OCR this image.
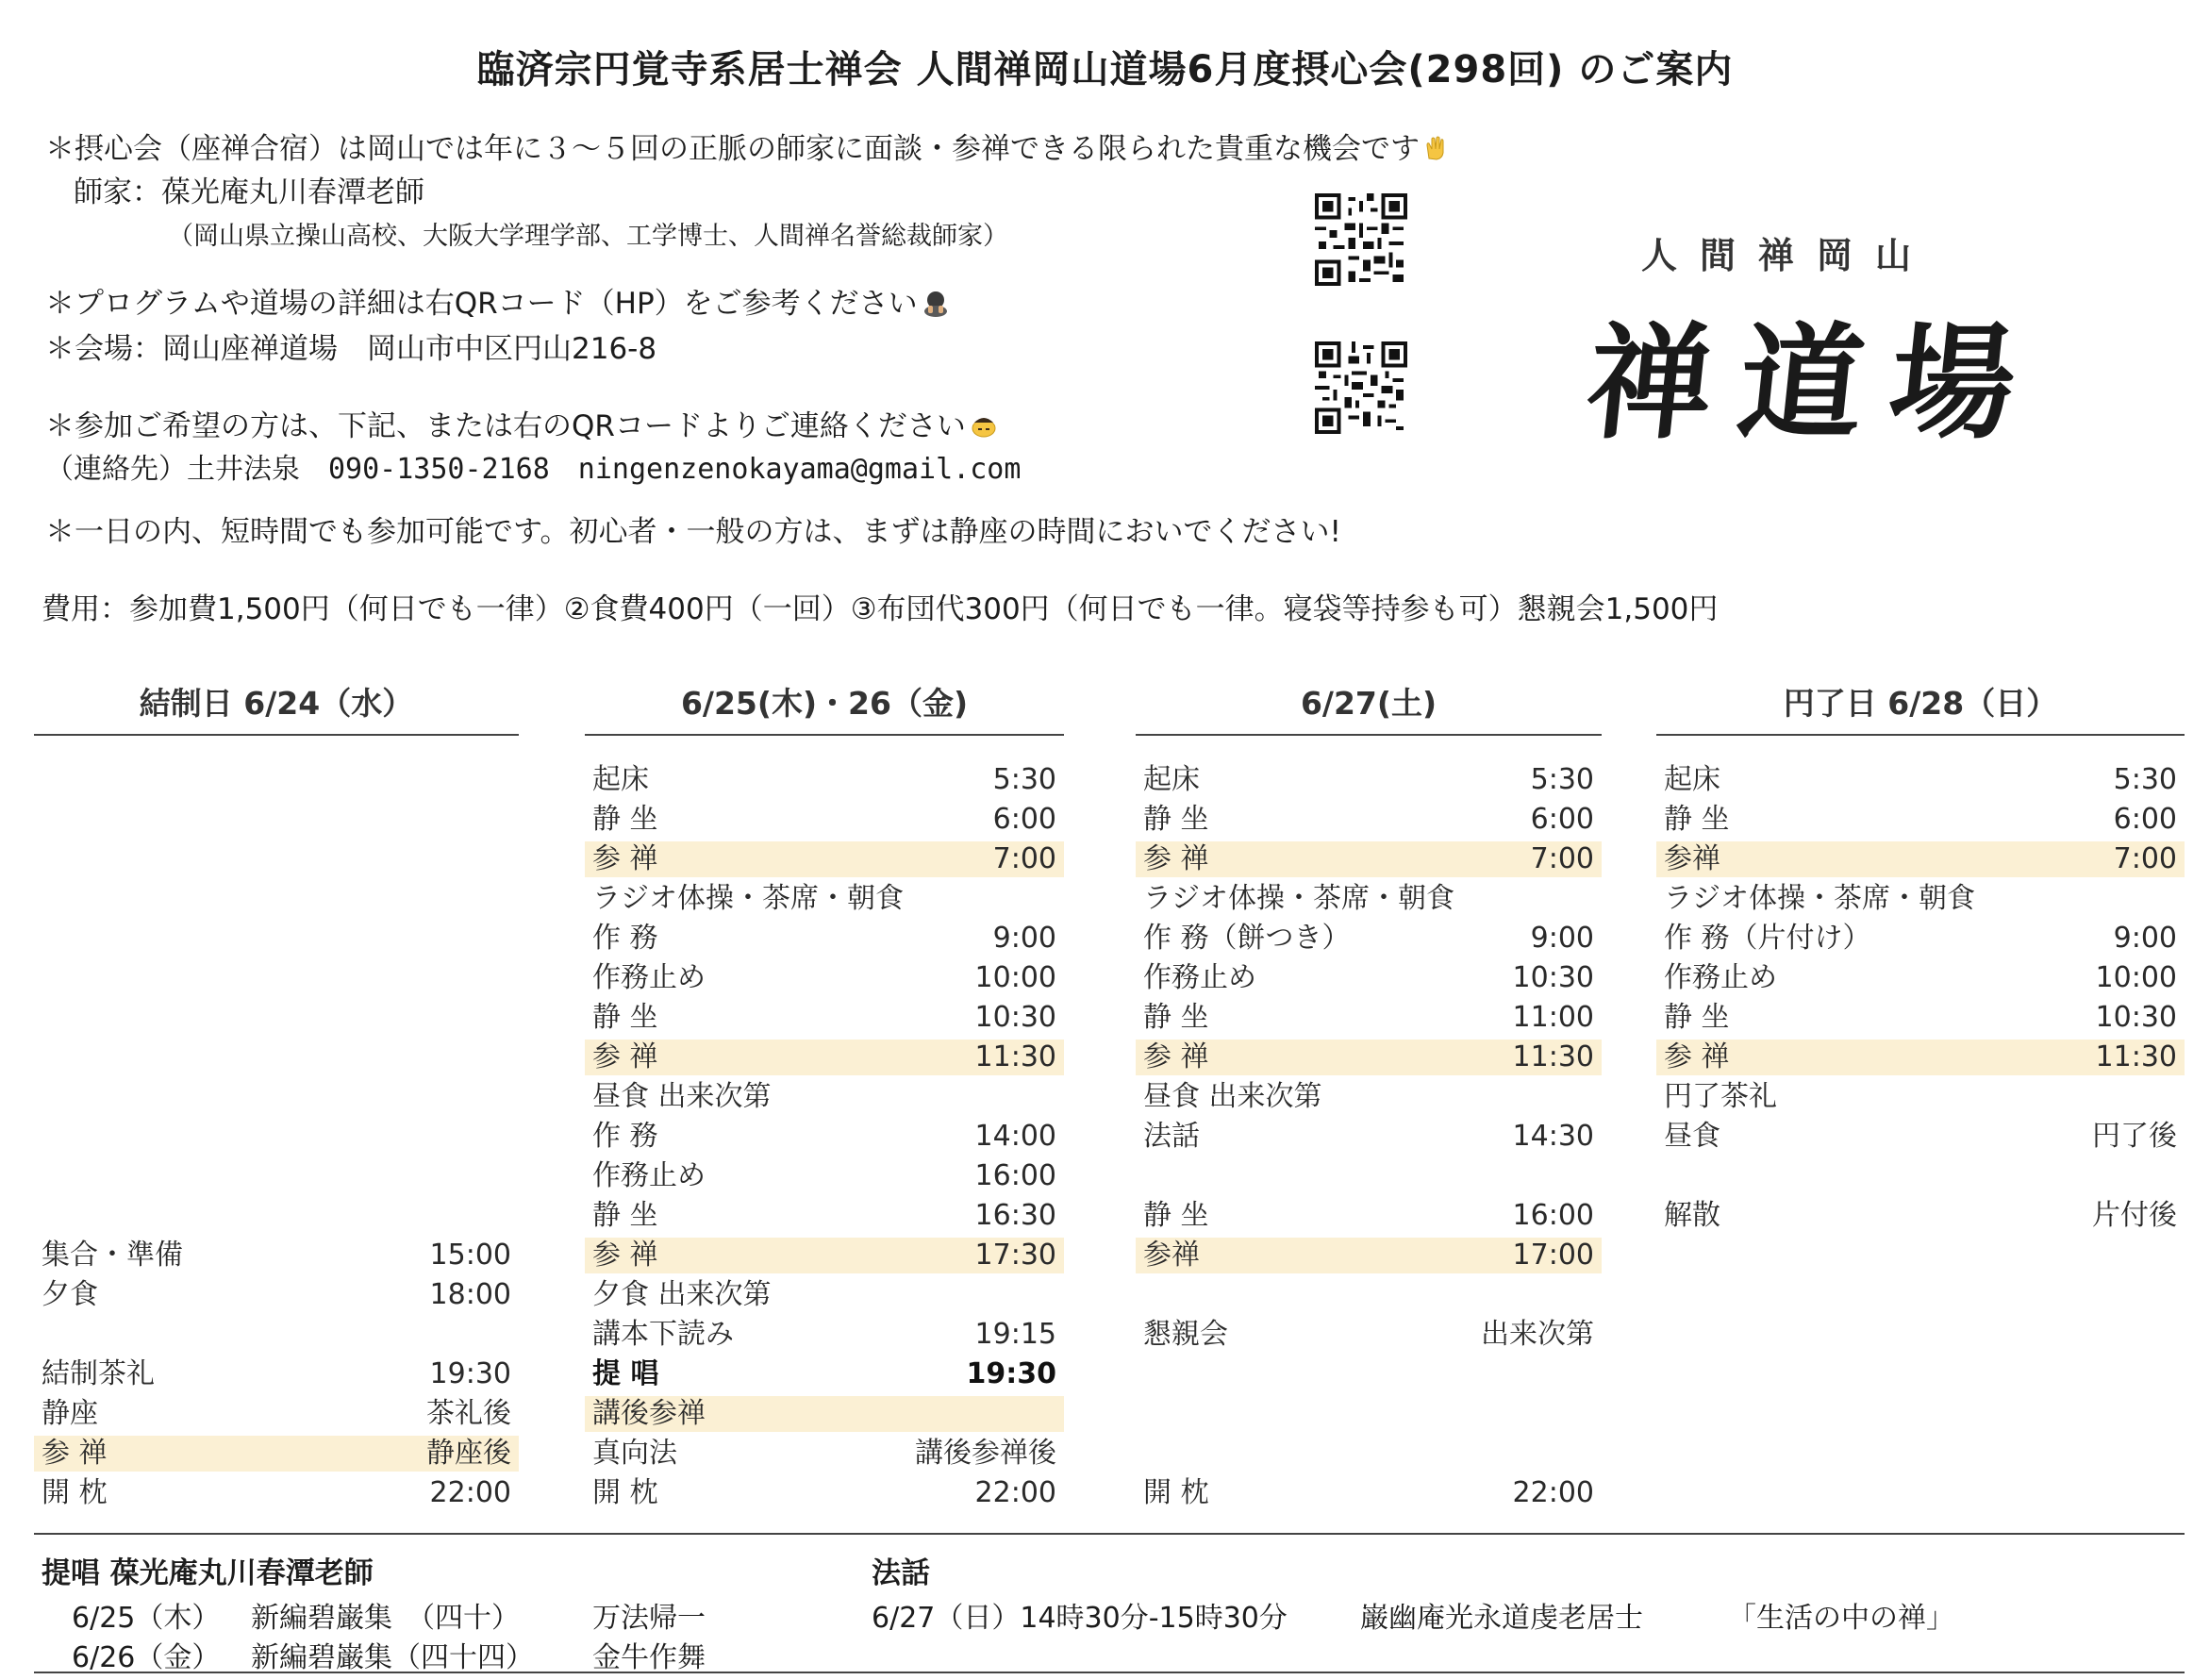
臨済宗円覚寺系居士禅会 人間禅岡山道場6月度摂心会(298回) のご案内
＊摂心会（座禅合宿）は岡山では年に３～５回の正脈の師家に面談・参禅できる限られた貴重な機会です
師家：葆光庵丸川春潭老師
（岡山県立操山高校、大阪大学理学部、工学博士、人間禅名誉総裁師家）
＊プログラムや道場の詳細は右QRコード（HP）をご参考ください
＊会場：岡山座禅道場　岡山市中区円山216-8
＊参加ご希望の方は、下記、または右のQRコードよりご連絡ください
（連絡先）土井法泉　090-1350-2168　ningenzenokayama@gmail.com
＊一日の内、短時間でも参加可能です。初心者・一般の方は、まずは静座の時間においでください!
費用：参加費1,500円（何日でも一律）②食費400円（一回）③布団代300円（何日でも一律。寝袋等持参も可）懇親会1,500円
人間禅岡山
禅道場
結制日 6/24（水）
集合・準備	15:00
夕食	18:00
結制茶礼	19:30
静座	茶礼後
参 禅	静座後
開 枕	22:00
6/25(木)・26（金)
起床	5:30
静 坐	6:00
参 禅	7:00
ラジオ体操・茶席・朝食
作 務	9:00
作務止め	10:00
静 坐	10:30
参 禅	11:30
昼食 出来次第
作 務	14:00
作務止め	16:00
静 坐	16:30
参 禅	17:30
夕食 出来次第
講本下読み	19:15
提 唱	19:30
講後参禅
真向法	講後参禅後
開 枕	22:00
6/27(土)
起床	5:30
静 坐	6:00
参 禅	7:00
ラジオ体操・茶席・朝食
作 務（餅つき）	9:00
作務止め	10:30
静 坐	11:00
参 禅	11:30
昼食 出来次第
法話	14:30
静 坐	16:00
参禅	17:00
懇親会	出来次第
開 枕	22:00
円了日 6/28（日）
起床	5:30
静 坐	6:00
参禅	7:00
ラジオ体操・茶席・朝食
作 務（片付け）	9:00
作務止め	10:00
静 坐	10:30
参 禅	11:30
円了茶礼
昼食	円了後
解散	片付後
提唱 葆光庵丸川春潭老師
6/25（木） 新編碧巌集　（四十）	万法帰一
6/26（金） 新編碧巌集（四十四） 金牛作舞
法話
6/27（日）14時30分-15時30分	巌幽庵光永道虔老居士	「生活の中の禅」
